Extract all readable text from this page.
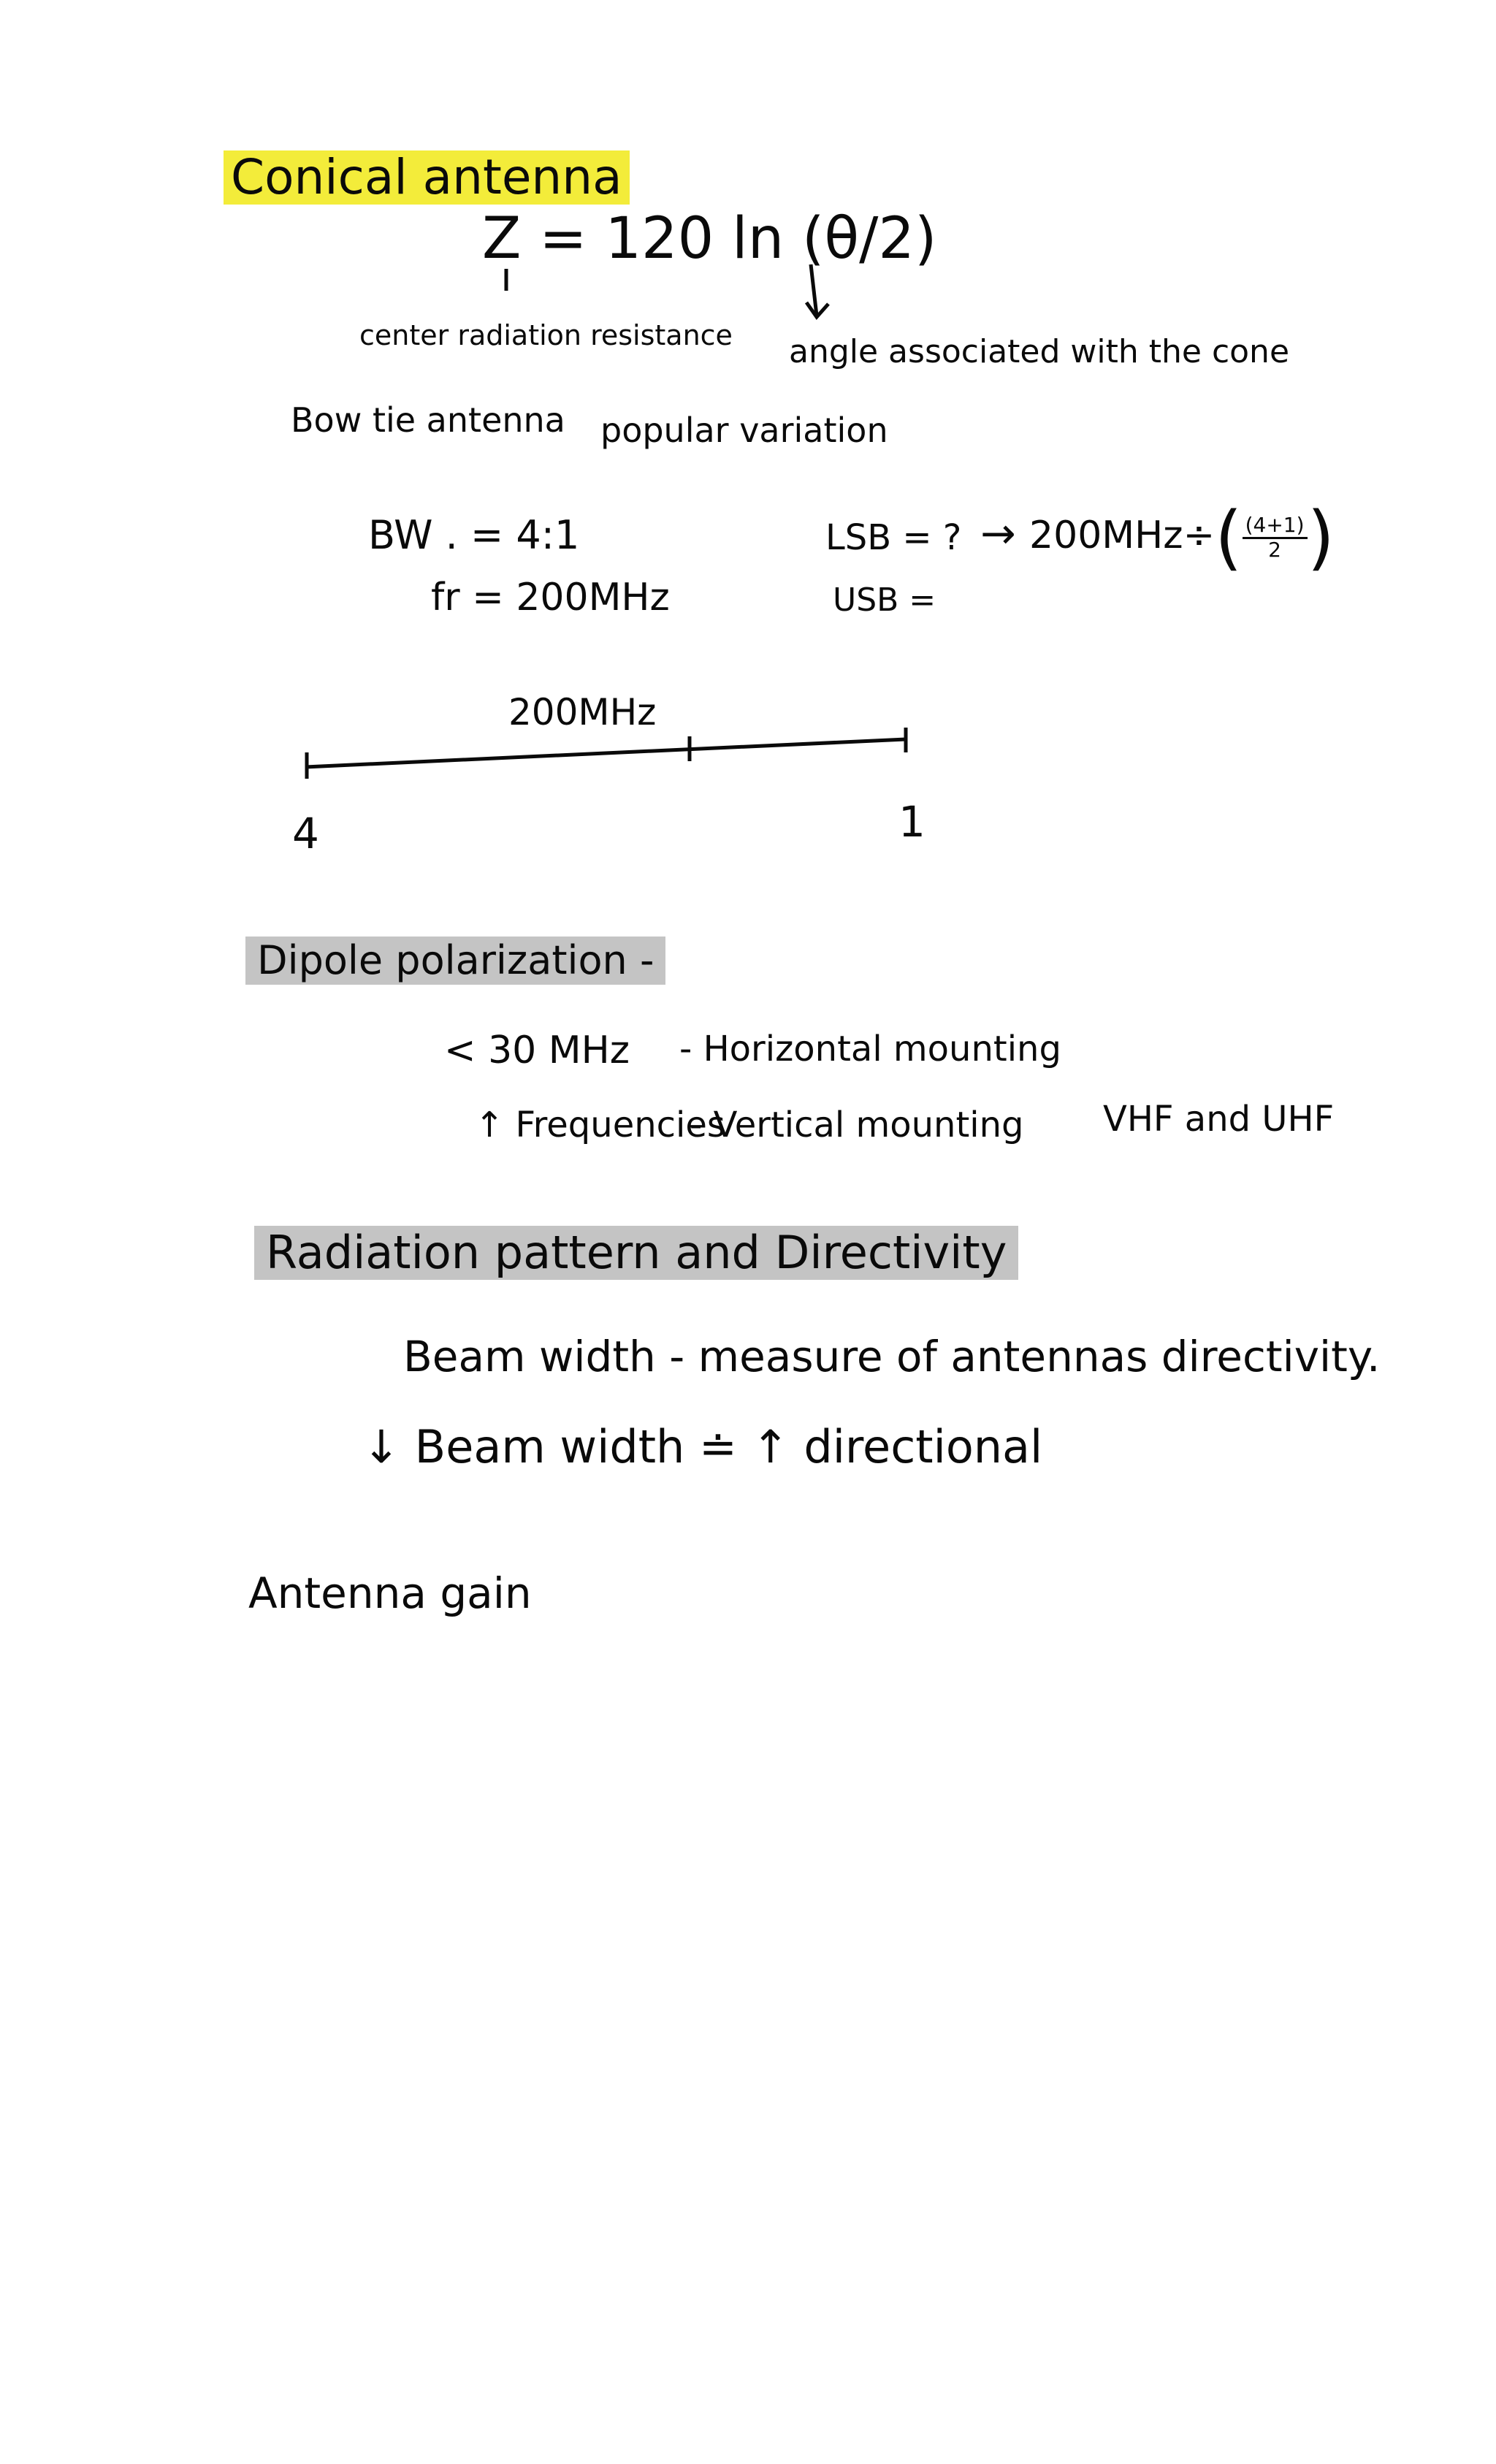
Conical antenna
Z = 120 ln (θ/2)
center radiation resistance angle associated with the cone
Bow tie antenna popular variation
BW . = 4:1
fr = 200MHz
LSB = ?
USB =
→ $200MHz\div( \frac{(4+1)}{2}$ )
200MHz
4	1
Dipole polarization -
< 30 MHz - Horizontal mounting
↑ Frequencies
- Vertical mounting VHF and UHF
Radiation pattern and Directivity
Beam width - measure of antennas directivity.
↓ Beam width ≐ ↑ directional
Antenna gain
